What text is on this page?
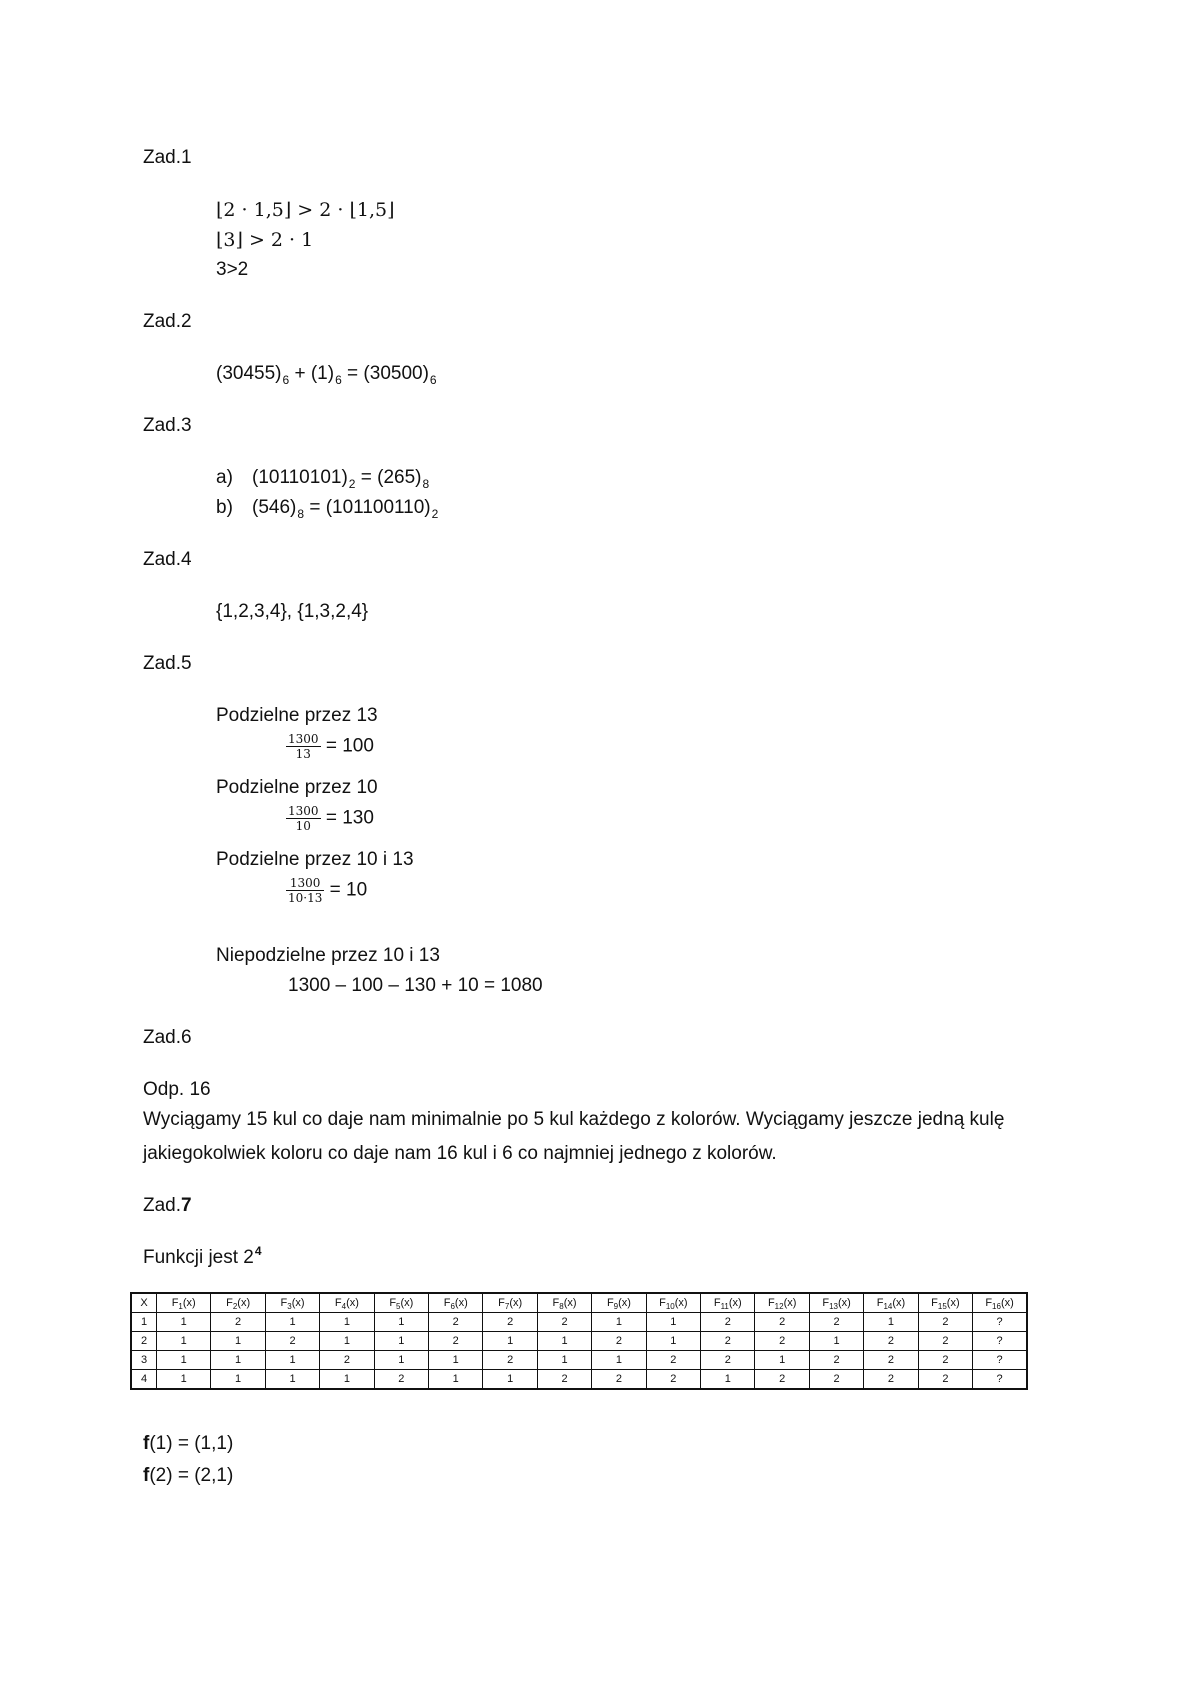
Zad.1
⌊2 · 1,5⌋ > 2 · ⌊1,5⌋
⌊3⌋ > 2 · 1
3>2
Zad.2
$(30455)_6 + (1)_6 = (30500)_6$
Zad.3
a) $(10110101)_2 = (265)_8$
b) $(546)_8 = (101100110)_2$
Zad.4
{1,2,3,4}, {1,3,2,4}
Zad.5
Podzielne przez 13
$\frac{1300}{13} = 100$
Podzielne przez 10
$\frac{1300}{10} = 130$
Podzielne przez 10 i 13
$\frac{1300}{10\cdot 13} = 10$
Niepodzielne przez 10 i 13
1300 – 100 – 130 + 10 = 1080
Zad.6
Odp. 16
Wyciągamy 15 kul co daje nam minimalnie po 5 kul każdego z kolorów. Wyciągamy jeszcze jedną kulę
jakiegokolwiek koloru co daje nam 16 kul i 6 co najmniej jednego z kolorów.
Zad.7
Funkcji jest $2^4$
X	$F_1(x)$	$F_2(x)$	$F_3(x)$	$F_4(x)$	$F_5(x)$	$F_6(x)$	$F_7(x)$	$F_8(x)$	$F_9(x)$	$F_{10}(x)$	$F_{11}(x)$	$F_{12}(x)$	$F_{13}(x)$	$F_{14}(x)$	$F_{15}(x)$	$F_{16}(x)$
1	1	2	1	1	1	2	2	2	1	1	2	2	2	1	2	?
2	1	1	2	1	1	2	1	1	2	1	2	2	1	2	2	?
3	1	1	1	2	1	1	2	1	1	2	2	1	2	2	2	?
4	1	1	1	1	2	1	1	2	2	2	1	2	2	2	2	?
f(1) = (1,1)
f(2) = (2,1)
